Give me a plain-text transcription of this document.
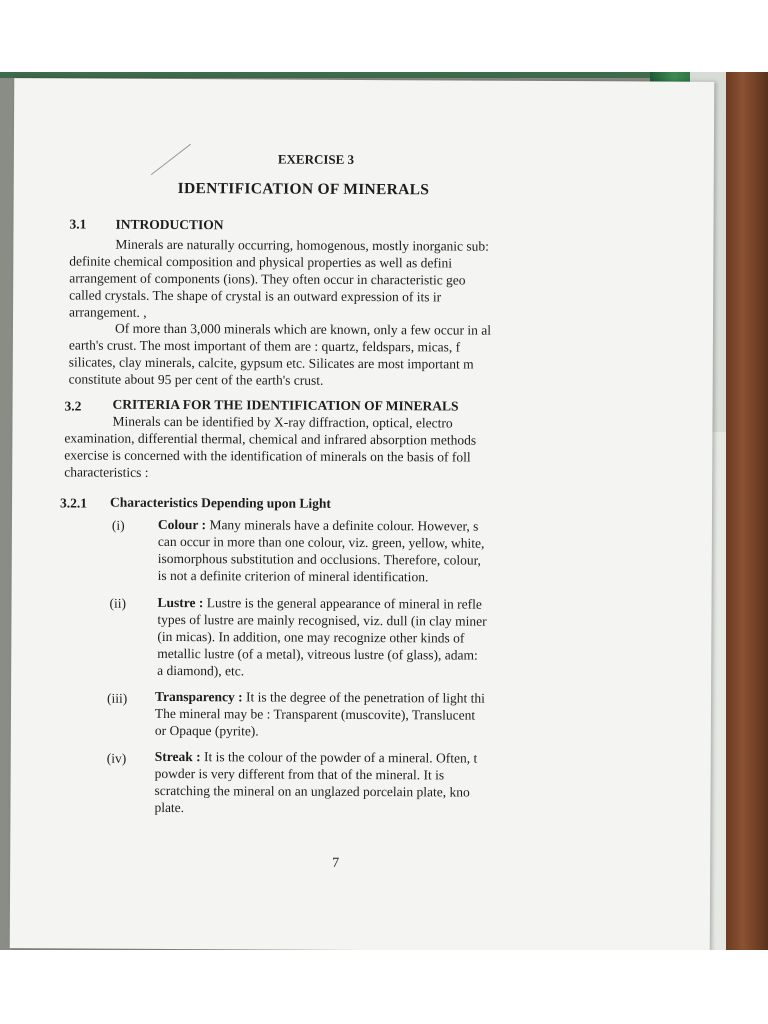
EXERCISE 3
IDENTIFICATION OF MINERALS
3.1 INTRODUCTION
Minerals are naturally occurring, homogenous, mostly inorganic sub:
definite chemical composition and physical properties as well as defini
arrangement of components (ions). They often occur in characteristic geo
called crystals. The shape of crystal is an outward expression of its ir
arrangement. ,
Of more than 3,000 minerals which are known, only a few occur in al
earth's crust. The most important of them are : quartz, feldspars, micas, f
silicates, clay minerals, calcite, gypsum etc. Silicates are most important m
constitute about 95 per cent of the earth's crust.
3.2 CRITERIA FOR THE IDENTIFICATION OF MINERALS
Minerals can be identified by X-ray diffraction, optical, electro
examination, differential thermal, chemical and infrared absorption methods
exercise is concerned with the identification of minerals on the basis of foll
characteristics :
3.2.1 Characteristics Depending upon Light
(i) Colour : Many minerals have a definite colour. However, s
can occur in more than one colour, viz. green, yellow, white,
isomorphous substitution and occlusions. Therefore, colour,
is not a definite criterion of mineral identification.
(ii) Lustre : Lustre is the general appearance of mineral in refle
types of lustre are mainly recognised, viz. dull (in clay miner
(in micas). In addition, one may recognize other kinds of
metallic lustre (of a metal), vitreous lustre (of glass), adam:
a diamond), etc.
(iii) Transparency : It is the degree of the penetration of light thi
The mineral may be : Transparent (muscovite), Translucent
or Opaque (pyrite).
(iv) Streak : It is the colour of the powder of a mineral. Often, t
powder is very different from that of the mineral. It is
scratching the mineral on an unglazed porcelain plate, kno
plate.
7
